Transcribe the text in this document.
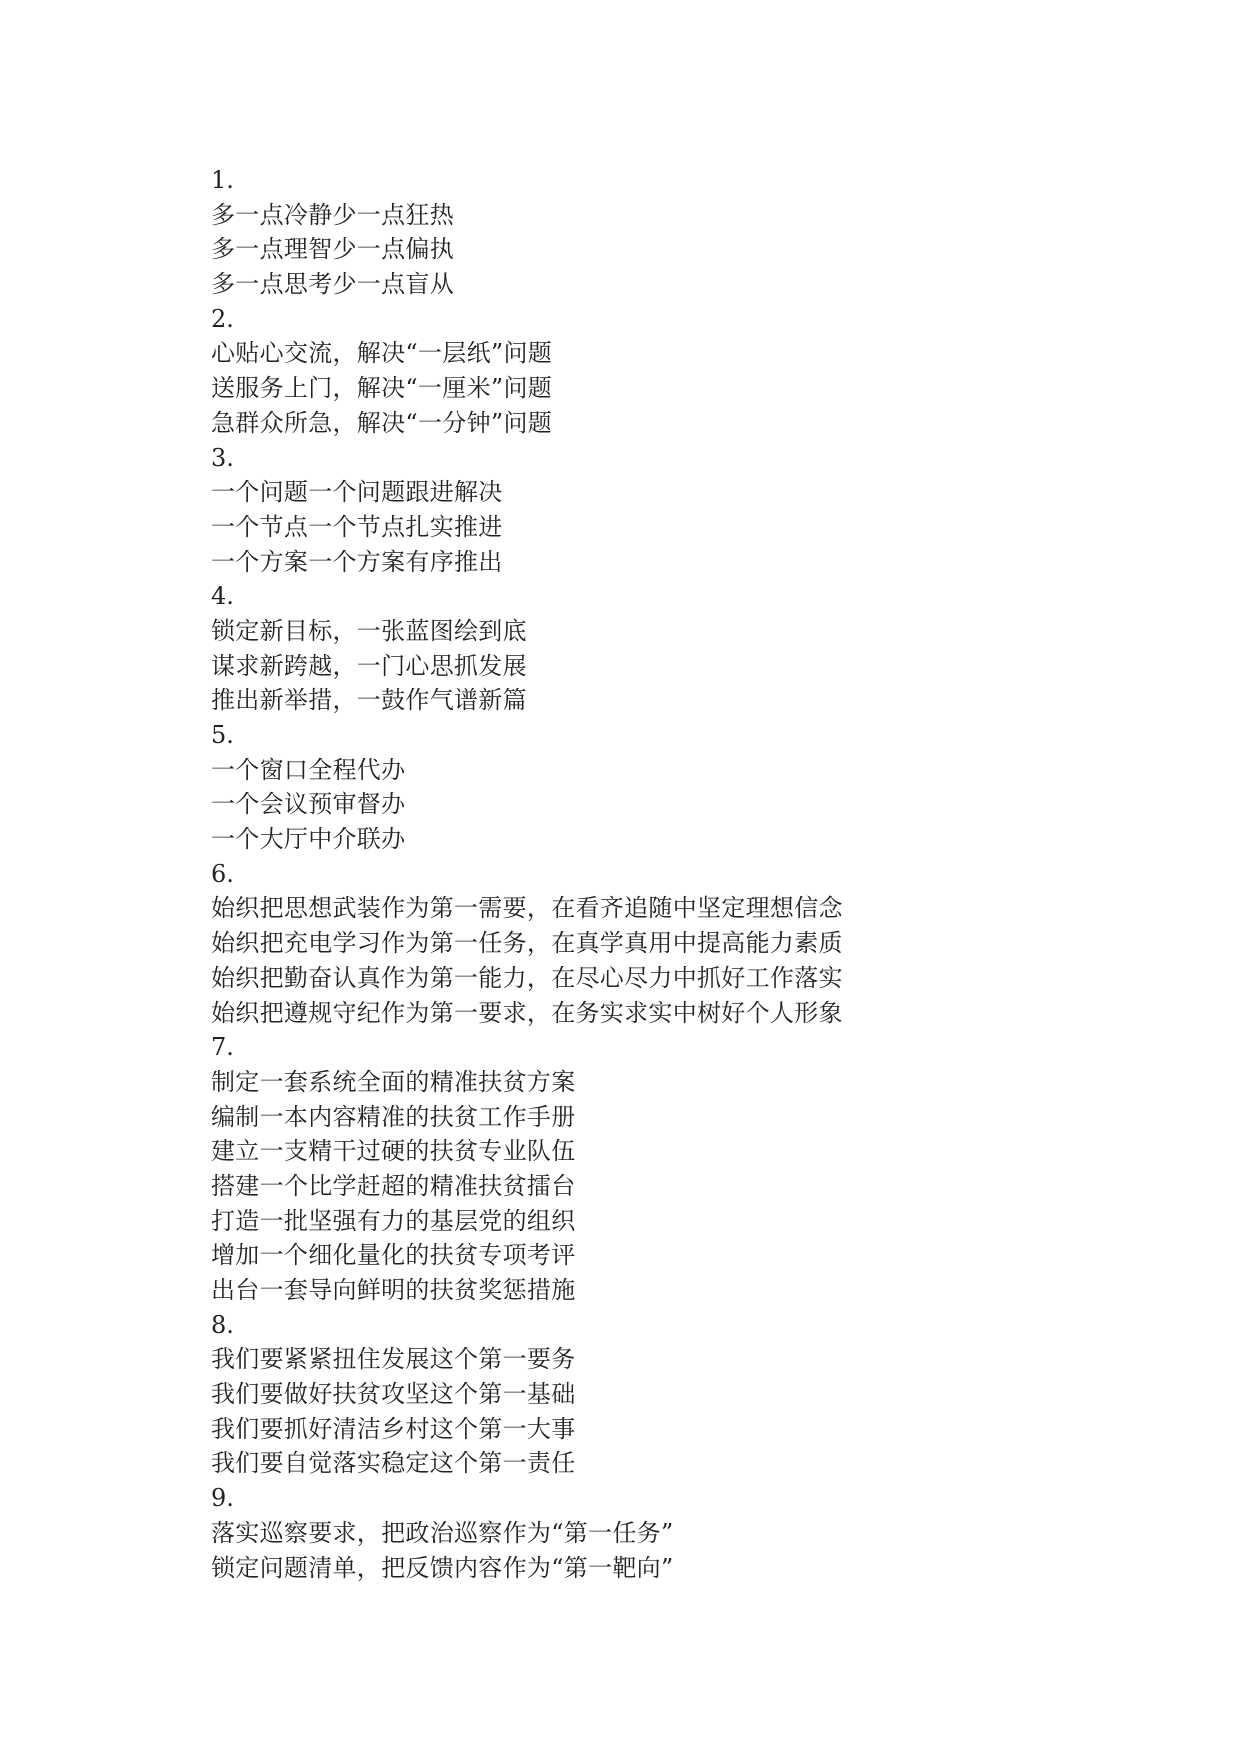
1.
多一点冷静少一点狂热
多一点理智少一点偏执
多一点思考少一点盲从
2.
心贴心交流，解决“一层纸”问题
送服务上门，解决“一厘米”问题
急群众所急，解决“一分钟”问题
3.
一个问题一个问题跟进解决
一个节点一个节点扎实推进
一个方案一个方案有序推出
4.
锁定新目标，一张蓝图绘到底
谋求新跨越，一门心思抓发展
推出新举措，一鼓作气谱新篇
5.
一个窗口全程代办
一个会议预审督办
一个大厅中介联办
6.
始织把思想武装作为第一需要，在看齐追随中坚定理想信念
始织把充电学习作为第一任务，在真学真用中提高能力素质
始织把勤奋认真作为第一能力，在尽心尽力中抓好工作落实
始织把遵规守纪作为第一要求，在务实求实中树好个人形象
7.
制定一套系统全面的精准扶贫方案
编制一本内容精准的扶贫工作手册
建立一支精干过硬的扶贫专业队伍
搭建一个比学赶超的精准扶贫擂台
打造一批坚强有力的基层党的组织
增加一个细化量化的扶贫专项考评
出台一套导向鲜明的扶贫奖惩措施
8.
我们要紧紧扭住发展这个第一要务
我们要做好扶贫攻坚这个第一基础
我们要抓好清洁乡村这个第一大事
我们要自觉落实稳定这个第一责任
9.
落实巡察要求，把政治巡察作为“第一任务”
锁定问题清单，把反馈内容作为“第一靶向”
